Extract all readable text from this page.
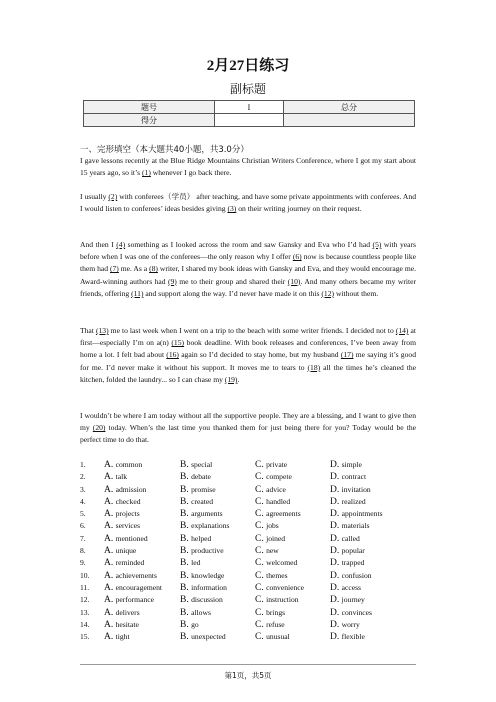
2月27日练习
副标题
题号	I	总分
得分		
一、完形填空（本大题共40小题，共3.0分）
I gave lessons recently at the Blue Ridge Mountains Christian Writers Conference, where I got my start about 15 years ago, so it’s (1) whenever I go back there.
I usually (2) with conferees（学员） after teaching, and have some private appointments with conferees. And I would listen to conferees’ ideas besides giving (3) on their writing journey on their request.
And then I (4) something as I looked across the room and saw Gansky and Eva who I’d had (5) with years before when I was one of the conferees—the only reason why I offer (6) now is because countless people like them had (7) me. As a (8) writer, I shared my book ideas with Gansky and Eva, and they would encourage me. Award-winning authors had (9) me to their group and shared their (10). And many others became my writer friends, offering (11) and support along the way. I’d never have made it on this (12) without them.
That (13) me to last week when I went on a trip to the beach with some writer friends. I decided not to (14) at first—especially I’m on a(n) (15) book deadline. With book releases and conferences, I’ve been away from home a lot. I felt bad about (16) again so I’d decided to stay home, but my husband (17) me saying it’s good for me. I’d never make it without his support. It moves me to tears to (18) all the times he’s cleaned the kitchen, folded the laundry... so I can chase my (19).
I wouldn’t be where I am today without all the supportive people. They are a blessing, and I want to give then my (20) today. When’s the last time you thanked them for just being there for you? Today would be the perfect time to do that.
1. A. common	B. special	C. private	D. simple
2. A. talk	B. debate	C. compete	D. contract
3. A. admission	B. promise	C. advice	D. invitation
4. A. checked	B. created	C. handled	D. realized
5. A. projects	B. arguments	C. agreements	D. appointments
6. A. services	B. explanations	C. jobs	D. materials
7. A. mentioned	B. helped	C. joined	D. called
8. A. unique	B. productive	C. new	D. popular
9. A. reminded	B. led	C. welcomed	D. trapped
10. A. achievements B. knowledge	C. themes	D. confusion
11. A. encouragement B. information	C. convenience	D. access
12. A. performance	B. discussion	C. instruction	D. journey
13. A. delivers	B. allows	C. brings	D. convinces
14. A. hesitate	B. go	C. refuse	D. worry
15. A. tight	B. unexpected	C. unusual	D. flexible
第1页，共5页
